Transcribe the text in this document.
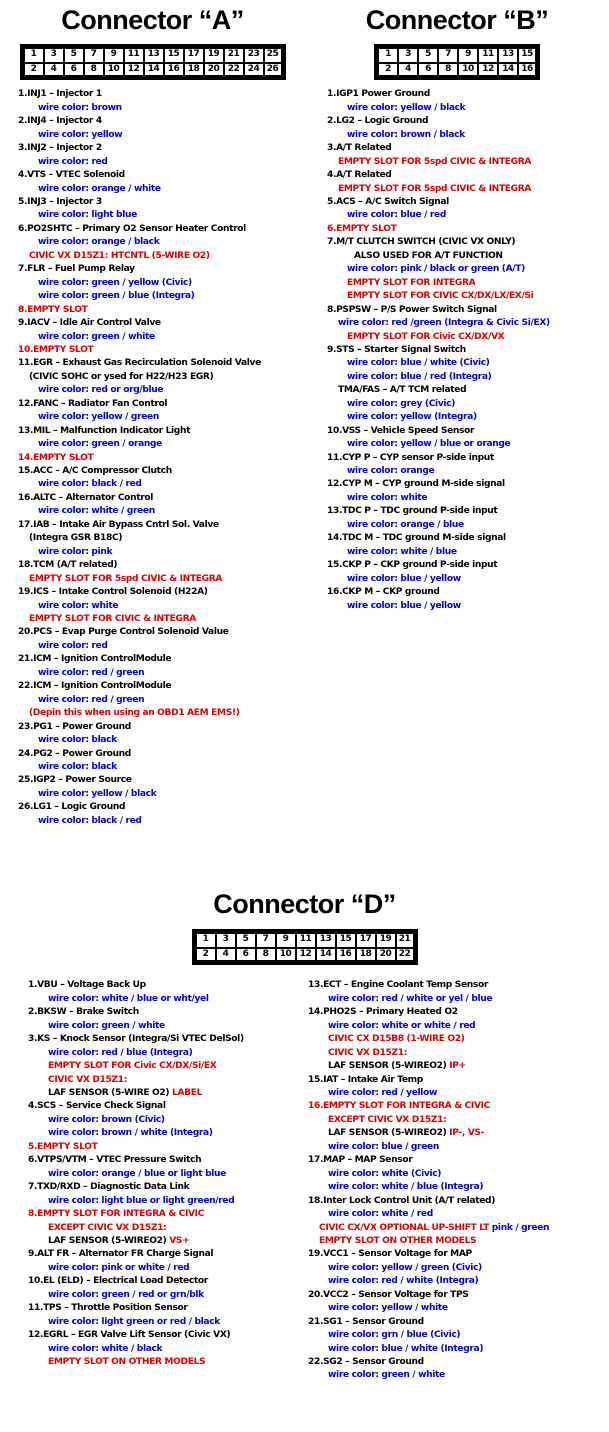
Connector “A”
1	3	5	7	9	11 13 15 17 19 21 23 25
2	4	6	8	10 12 14 16 18 20 22 24 26
1.INJ1 – Injector 1
wire color: brown
2.INJ4 – Injector 4
wire color: yellow
3.INJ2 – Injector 2
wire color: red
4.VTS – VTEC Solenoid
wire color: orange / white
5.INJ3 – Injector 3
wire color: light blue
6.PO2SHTC – Primary O2 Sensor Heater Control
wire color: orange / black
CIVIC VX D15Z1: HTCNTL (5-WIRE O2)
7.FLR – Fuel Pump Relay
wire color: green / yellow (Civic)
wire color: green / blue (Integra)
8.EMPTY SLOT
9.IACV – Idle Air Control Valve
wire color: green / white
10.EMPTY SLOT
11.EGR – Exhaust Gas Recirculation Solenoid Valve
(CIVIC SOHC or ysed for H22/H23 EGR)
wire color: red or org/blue
12.FANC – Radiator Fan Control
wire color: yellow / green
13.MIL – Malfunction Indicator Light
wire color: green / orange
14.EMPTY SLOT
15.ACC – A/C Compressor Clutch
wire color: black / red
16.ALTC – Alternator Control
wire color: white / green
17.IAB – Intake Air Bypass Cntrl Sol. Valve
(Integra GSR B18C)
wire color: pink
18.TCM (A/T related)
EMPTY SLOT FOR 5spd CIVIC & INTEGRA
19.ICS – Intake Control Solenoid (H22A)
wire color: white
EMPTY SLOT FOR CIVIC & INTEGRA
20.PCS – Evap Purge Control Solenoid Value
wire color: red
21.ICM – Ignition ControlModule
wire color: red / green
22.ICM – Ignition ControlModule
wire color: red / green
(Depin this when using an OBD1 AEM EMS!)
23.PG1 – Power Ground
wire color: black
24.PG2 – Power Ground
wire color: black
25.IGP2 – Power Source
wire color: yellow / black
26.LG1 – Logic Ground
wire color: black / red
Connector “B”
1	3	5	7	9	11 13 15
2	4	6	8	10 12 14 16
1.IGP1 Power Ground
wire color: yellow / black
2.LG2 – Logic Ground
wire color: brown / black
3.A/T Related
EMPTY SLOT FOR 5spd CIVIC & INTEGRA
4.A/T Related
EMPTY SLOT FOR 5spd CIVIC & INTEGRA
5.ACS – A/C Switch Signal
wire color: blue / red
6.EMPTY SLOT
7.M/T CLUTCH SWITCH (CIVIC VX ONLY)
ALSO USED FOR A/T FUNCTION
wire color: pink / black or green (A/T)
EMPTY SLOT FOR INTEGRA
EMPTY SLOT FOR CIVIC CX/DX/LX/EX/Si
8.PSPSW – P/S Power Switch Signal
wire color: red /green (Integra & Civic Si/EX)
EMPTY SLOT FOR Civic CX/DX/VX
9.STS – Starter Signal Switch
wire color: blue / white (Civic)
wire color: blue / red (Integra)
TMA/FAS – A/T TCM related
wire color: grey (Civic)
wire color: yellow (Integra)
10.VSS – Vehicle Speed Sensor
wire color: yellow / blue or orange
11.CYP P – CYP sensor P-side input
wire color: orange
12.CYP M – CYP ground M-side signal
wire color: white
13.TDC P – TDC ground P-side input
wire color: orange / blue
14.TDC M – TDC ground M-side signal
wire color: white / blue
15.CKP P – CKP ground P-side input
wire color: blue / yellow
16.CKP M – CKP ground
wire color: blue / yellow
Connector “D”
1	3	5	7	9	11 13 15 17 19 21
2	4	6	8	10 12 14 16 18 20 22
1.VBU – Voltage Back Up
wire color: white / blue or wht/yel
2.BKSW – Brake Switch
wire color: green / white
3.KS – Knock Sensor (Integra/Si VTEC DelSol)
wire color: red / blue (Integra)
EMPTY SLOT FOR Civic CX/DX/Si/EX
CIVIC VX D15Z1:
LAF SENSOR (5-WIRE O2) LABEL
4.SCS – Service Check Signal
wire color: brown (Civic)
wire color: brown / white (Integra)
5.EMPTY SLOT
6.VTPS/VTM – VTEC Pressure Switch
wire color: orange / blue or light blue
7.TXD/RXD – Diagnostic Data Link
wire color: light blue or light green/red
8.EMPTY SLOT FOR INTEGRA & CIVIC
EXCEPT CIVIC VX D15Z1:
LAF SENSOR (5-WIREO2) VS+
9.ALT FR – Alternator FR Charge Signal
wire color: pink or white / red
10.EL (ELD) – Electrical Load Detector
wire color: green / red or grn/blk
11.TPS – Throttle Position Sensor
wire color: light green or red / black
12.EGRL – EGR Valve Lift Sensor (Civic VX)
wire color: white / black
EMPTY SLOT ON OTHER MODELS
13.ECT – Engine Coolant Temp Sensor
wire color: red / white or yel / blue
14.PHO2S – Primary Heated O2
wire color: white or white / red
CIVIC CX D15B8 (1-WIRE O2)
CIVIC VX D15Z1:
LAF SENSOR (5-WIREO2) IP+
15.IAT – Intake Air Temp
wire color: red / yellow
16.EMPTY SLOT FOR INTEGRA & CIVIC
EXCEPT CIVIC VX D15Z1:
LAF SENSOR (5-WIREO2) IP-, VS-
wire color: blue / green
17.MAP – MAP Sensor
wire color: white (Civic)
wire color: white / blue (Integra)
18.Inter Lock Control Unit (A/T related)
wire color: white / red
CIVIC CX/VX OPTIONAL UP-SHIFT LT pink / green
EMPTY SLOT ON OTHER MODELS
19.VCC1 – Sensor Voltage for MAP
wire color: yellow / green (Civic)
wire color: red / white (Integra)
20.VCC2 – Sensor Voltage for TPS
wire color: yellow / white
21.SG1 – Sensor Ground
wire color: grn / blue (Civic)
wire color: blue / white (Integra)
22.SG2 – Sensor Ground
wire color: green / white
